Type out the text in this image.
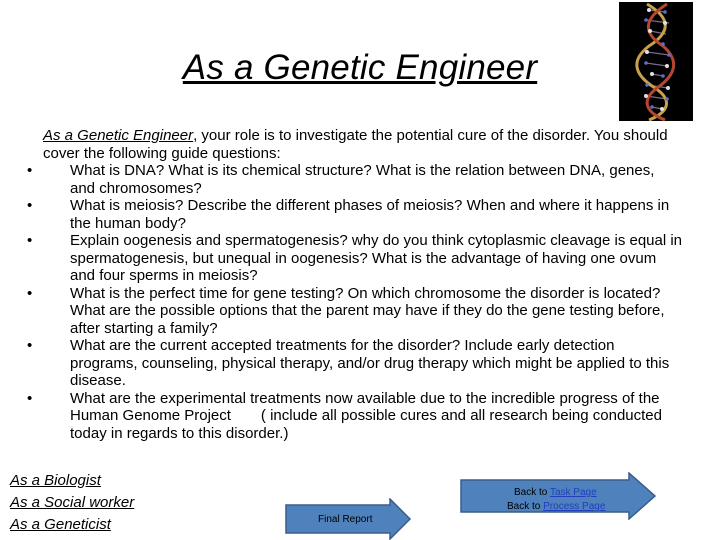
As a Genetic Engineer
As a Genetic Engineer, your role is to investigate the potential cure of the disorder. You should cover the following guide questions:
•	What is DNA? What is its chemical structure? What is the relation between DNA, genes, and chromosomes?
•	What is meiosis? Describe the different phases of meiosis? When and where it happens in the human body?
•	Explain oogenesis and spermatogenesis? why do you think cytoplasmic cleavage is equal in spermatogenesis, but unequal in oogenesis? What is the advantage of having one ovum and four sperms in meiosis?
•	What is the perfect time for gene testing? On which chromosome the disorder is located? What are the possible options that the parent may have if they do the gene testing before, after starting a family?
•	What are the current accepted treatments for the disorder? Include early detection programs, counseling, physical therapy, and/or drug therapy which might be applied to this disease.
•	What are the experimental treatments now available due to the incredible progress of the Human Genome Project ( include all possible cures and all research being conducted today in regards to this disorder.)
As a Biologist
As a Social worker
As a Geneticist	Final Report
Back to Task Page
Back to Process Page
